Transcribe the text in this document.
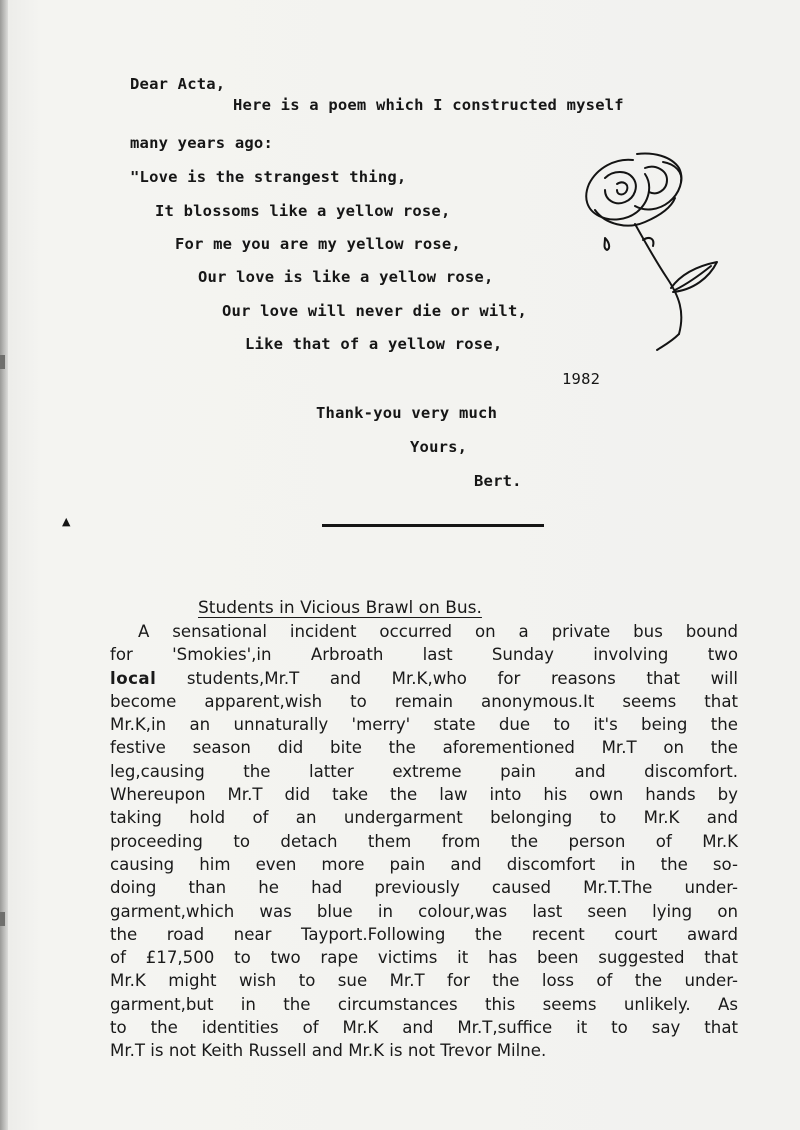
Dear Acta,
Here is a poem which I constructed myself
many years ago:
"Love is the strangest thing,
It blossoms like a yellow rose,
For me you are my yellow rose,
Our love is like a yellow rose,
Our love will never die or wilt,
Like that of a yellow rose,
1982
Thank-you very much
Yours,
Bert.
▲
Students in Vicious Brawl on Bus.
A sensational incident occurred on a private bus bound
for 'Smokies',in Arbroath last Sunday involving two
local students,Mr.T and Mr.K,who for reasons that will
become apparent,wish to remain anonymous.It seems that
Mr.K,in an unnaturally 'merry' state due to it's being the
festive season did bite the aforementioned Mr.T on the
leg,causing the latter extreme pain and discomfort.
Whereupon Mr.T did take the law into his own hands by
taking hold of an undergarment belonging to Mr.K and
proceeding to detach them from the person of Mr.K
causing him even more pain and discomfort in the so-
doing than he had previously caused Mr.T.The under-
garment,which was blue in colour,was last seen lying on
the road near Tayport.Following the recent court award
of £17,500 to two rape victims it has been suggested that
Mr.K might wish to sue Mr.T for the loss of the under-
garment,but in the circumstances this seems unlikely. As
to the identities of Mr.K and Mr.T,suffice it to say that
Mr.T is not Keith Russell and Mr.K is not Trevor Milne.
